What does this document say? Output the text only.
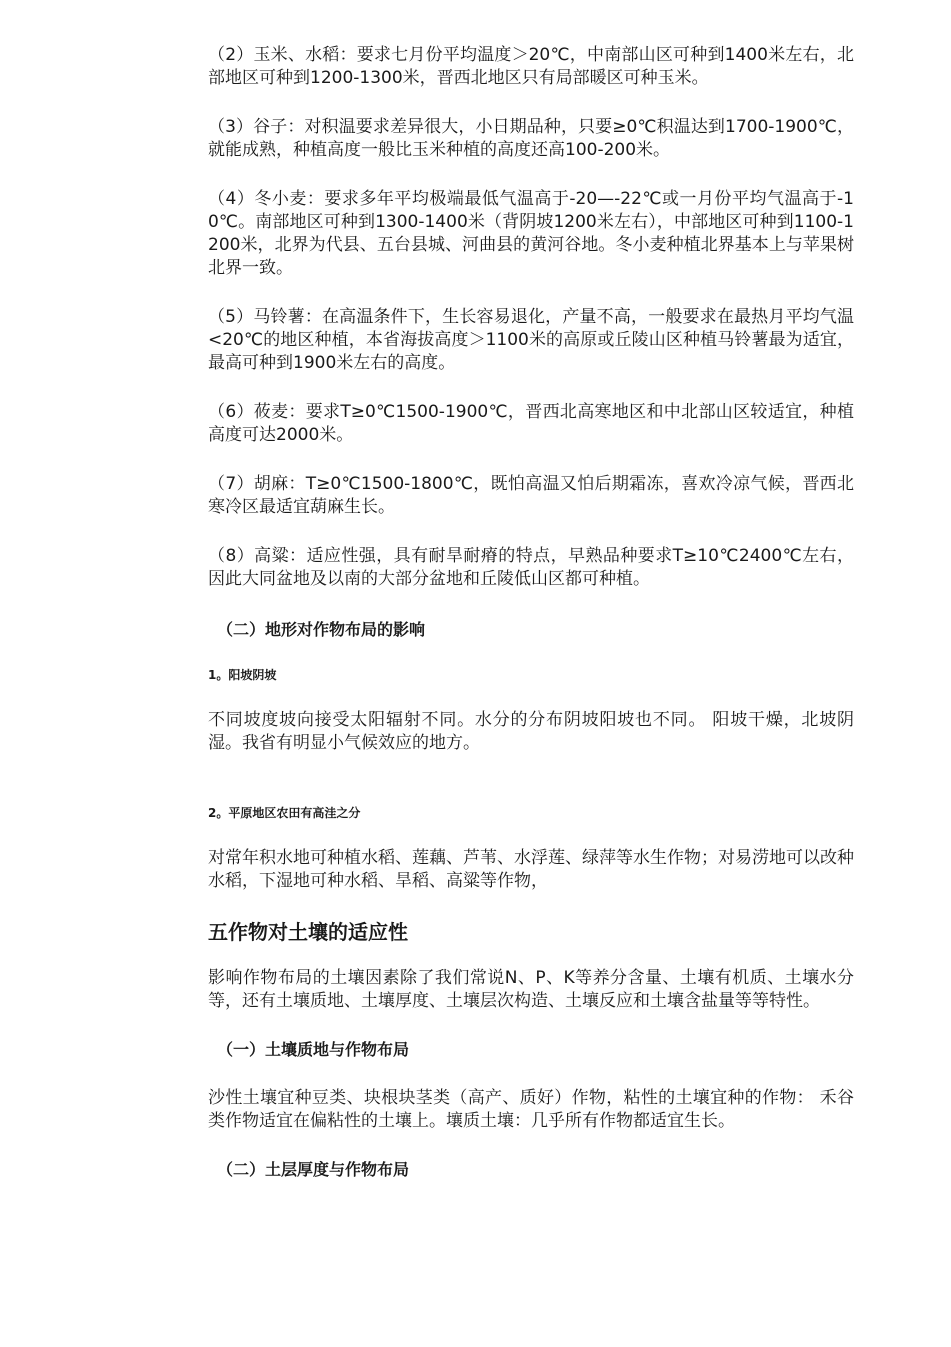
（2）玉米、水稻：要求七月份平均温度＞20℃，中南部山区可种到1400米左右，北部地区可种到1200-1300米，晋西北地区只有局部暖区可种玉米。

（3）谷子：对积温要求差异很大，小日期品种，只要≥0℃积温达到1700-1900℃，就能成熟，种植高度一般比玉米种植的高度还高100-200米。

（4）冬小麦：要求多年平均极端最低气温高于-20—-22℃或一月份平均气温高于-10℃。南部地区可种到1300-1400米（背阴坡1200米左右），中部地区可种到1100-1200米，北界为代县、五台县城、河曲县的黄河谷地。冬小麦种植北界基本上与苹果树北界一致。

（5）马铃薯：在高温条件下，生长容易退化，产量不高，一般要求在最热月平均气温<20℃的地区种植，本省海拔高度＞1100米的高原或丘陵山区种植马铃薯最为适宜，最高可种到1900米左右的高度。

（6）莜麦：要求T≥0℃1500-1900℃，晋西北高寒地区和中北部山区较适宜，种植高度可达2000米。

（7）胡麻：T≥0℃1500-1800℃，既怕高温又怕后期霜冻，喜欢冷凉气候，晋西北寒冷区最适宜葫麻生长。

（8）高粱：适应性强，具有耐旱耐瘠的特点，早熟品种要求T≥10℃2400℃左右，因此大同盆地及以南的大部分盆地和丘陵低山区都可种植。

（二）地形对作物布局的影响
1。阳坡阴坡

不同坡度坡向接受太阳辐射不同。水分的分布阴坡阳坡也不同。 阳坡干燥，北坡阴湿。我省有明显小气候效应的地方。

2。平原地区农田有高洼之分

对常年积水地可种植水稻、莲藕、芦苇、水浮莲、绿萍等水生作物；对易涝地可以改种水稻，下湿地可种水稻、旱稻、高粱等作物，

五作物对土壤的适应性

影响作物布局的土壤因素除了我们常说N、P、K等养分含量、土壤有机质、土壤水分等，还有土壤质地、土壤厚度、土壤层次构造、土壤反应和土壤含盐量等等特性。

（一）土壤质地与作物布局

沙性土壤宜种豆类、块根块茎类（高产、质好）作物，粘性的土壤宜种的作物： 禾谷类作物适宜在偏粘性的土壤上。壤质土壤：几乎所有作物都适宜生长。

（二）土层厚度与作物布局
